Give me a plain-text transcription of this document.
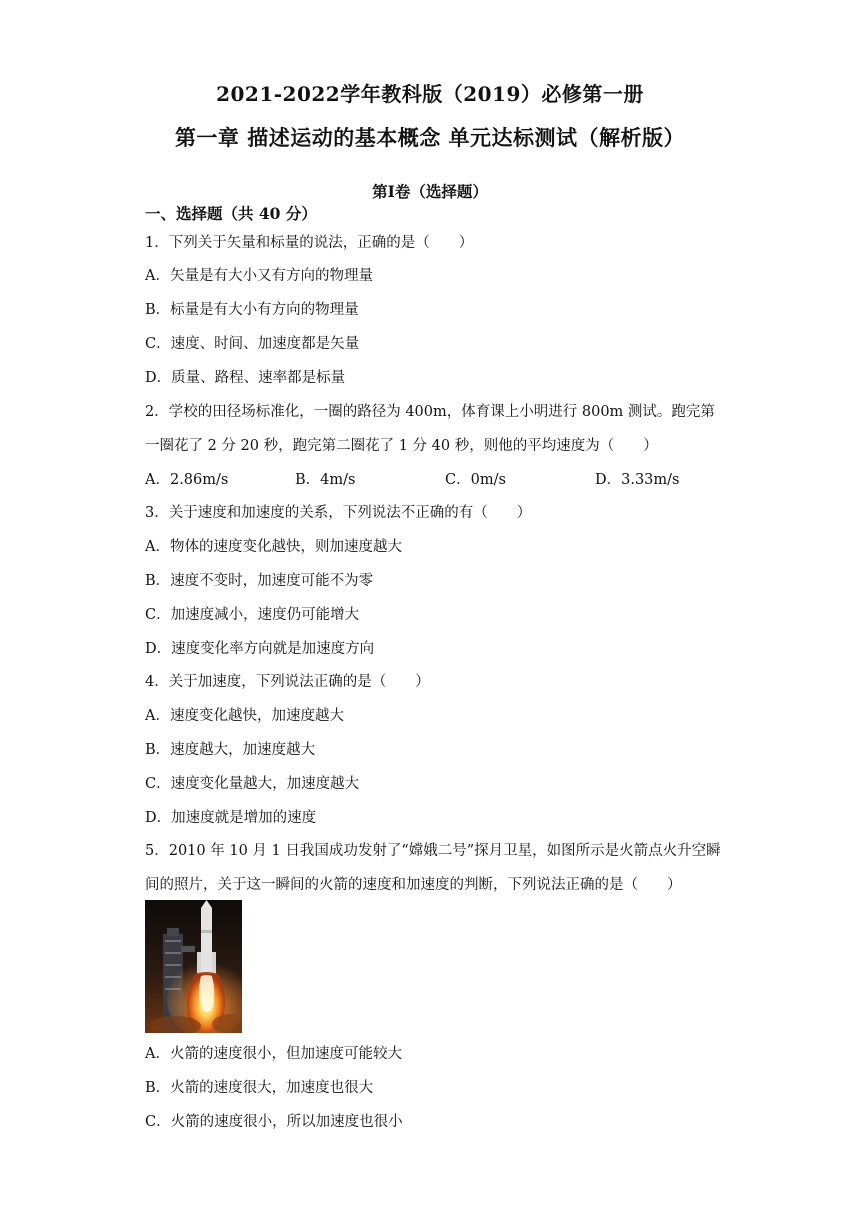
2021-2022学年教科版（2019）必修第一册
第一章 描述运动的基本概念 单元达标测试（解析版）
第Ⅰ卷（选择题）
一、选择题（共 40 分）
1．下列关于矢量和标量的说法，正确的是（　　）
A．矢量是有大小又有方向的物理量
B．标量是有大小有方向的物理量
C．速度、时间、加速度都是矢量
D．质量、路程、速率都是标量
2．学校的田径场标准化，一圈的路径为 400m，体育课上小明进行 800m 测试。跑完第
一圈花了 2 分 20 秒，跑完第二圈花了 1 分 40 秒，则他的平均速度为（　　）
A．2.86m/s	B．4m/s	C．0m/s	D．3.33m/s
3．关于速度和加速度的关系，下列说法不正确的有（　　）
A．物体的速度变化越快，则加速度越大
B．速度不变时，加速度可能不为零
C．加速度减小，速度仍可能增大
D．速度变化率方向就是加速度方向
4．关于加速度，下列说法正确的是（　　）
A．速度变化越快，加速度越大
B．速度越大，加速度越大
C．速度变化量越大，加速度越大
D．加速度就是增加的速度
5．2010 年 10 月 1 日我国成功发射了“嫦娥二号”探月卫星，如图所示是火箭点火升空瞬
间的照片，关于这一瞬间的火箭的速度和加速度的判断，下列说法正确的是（　　）
A．火箭的速度很小，但加速度可能较大
B．火箭的速度很大，加速度也很大
C．火箭的速度很小，所以加速度也很小
